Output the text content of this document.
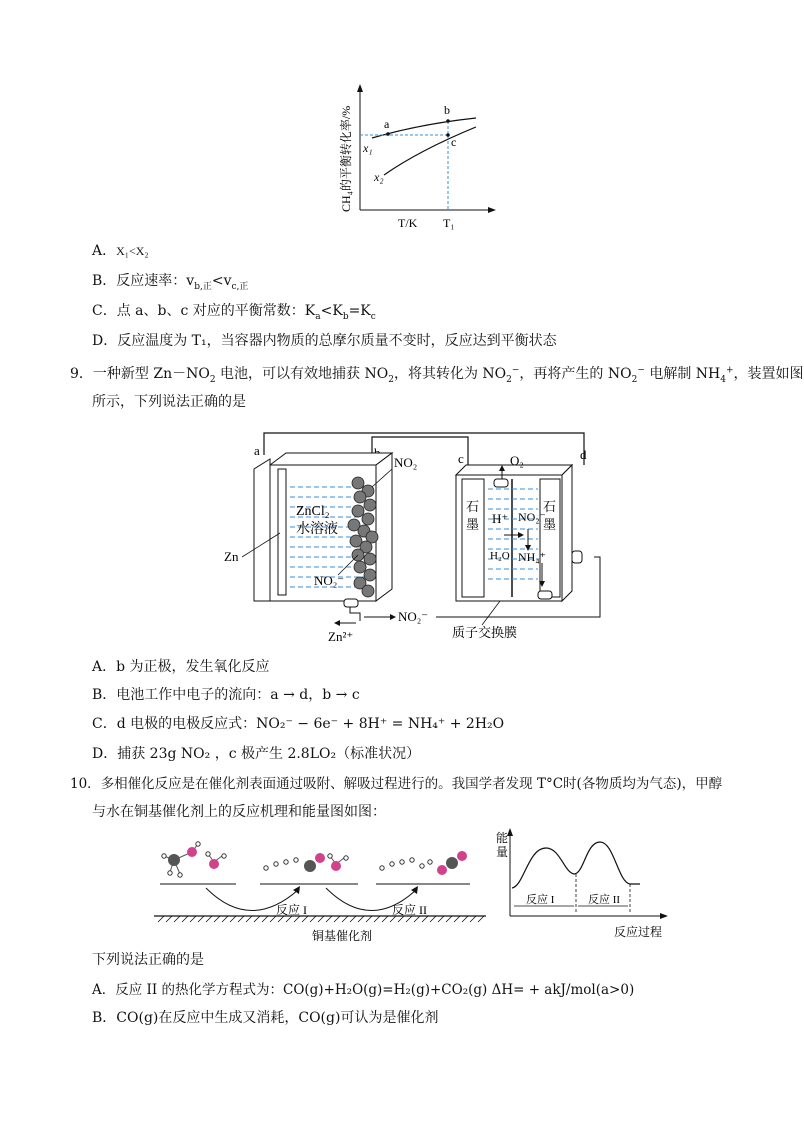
a
b
c
x₁
x₂
T/K T₁
CH₄的平衡转化率/%
A．X₁<X₂
B．反应速率：$v_{b,正}<v_{c,正}$
C．点 a、b、c 对应的平衡常数：$K_a<K_b=K_c$
D．反应温度为 T₁，当容器内物质的总摩尔质量不变时，反应达到平衡状态
9．一种新型 $Zn-NO_2$ 电池，可以有效地捕获 $NO_2$，将其转化为 $NO_2^-$，再将产生的 $NO_2^-$ 电解制 $NH_4^+$，装置如图
所示，下列说法正确的是
a
c	d
NO₂
ZnCl₂
水溶液
Zn
NO₂⁻
Zn²⁺
NO₂⁻
质子交换膜
石
墨
石
墨
O₂
H⁺ NO₂⁻
H₂O NH₄⁺
A．b 为正极，发生氧化反应
B．电池工作中电子的流向：a → d，b → c
C．d 电极的电极反应式：NO₂⁻ − 6e⁻ + 8H⁺ = NH₄⁺ + 2H₂O
D．捕获 23g NO₂ ，c 极产生 2.8LO₂（标准状况）
10．多相催化反应是在催化剂表面通过吸附、解吸过程进行的。我国学者发现 T°C时(各物质均为气态)，甲醇
与水在铜基催化剂上的反应机理和能量图如图：
反应 I	反应 II
铜基催化剂
能
量
反应 I	反应 II
反应过程
下列说法正确的是
A．反应 II 的热化学方程式为：CO(g)+H₂O(g)=H₂(g)+CO₂(g) ΔH= + akJ/mol(a>0)
B．CO(g)在反应中生成又消耗，CO(g)可认为是催化剂
